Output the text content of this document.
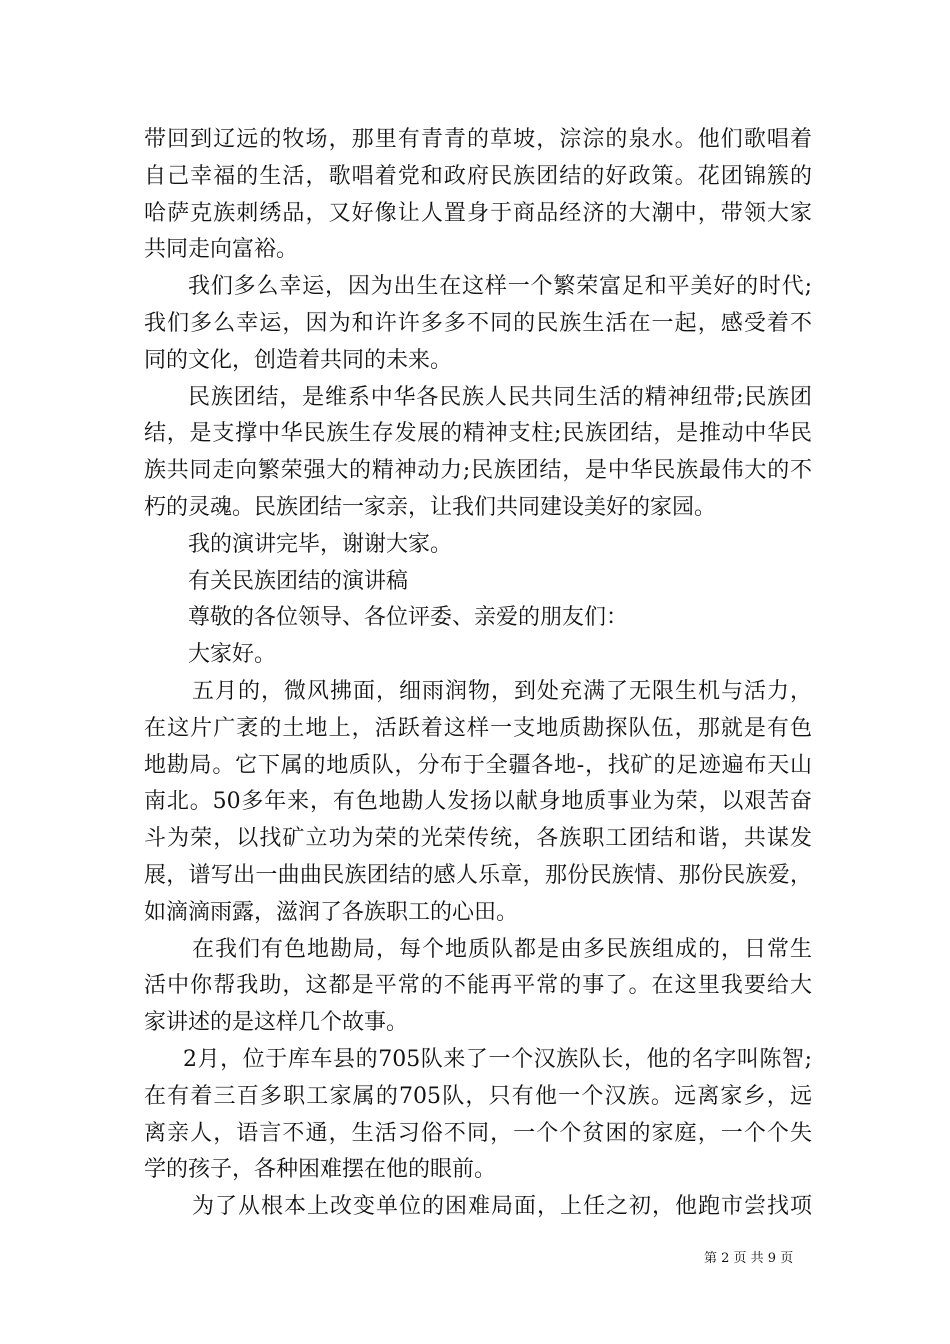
带回到辽远的牧场，那里有青青的草坡，淙淙的泉水。他们歌唱着
自己幸福的生活，歌唱着党和政府民族团结的好政策。花团锦簇的
哈萨克族刺绣品，又好像让人置身于商品经济的大潮中，带领大家
共同走向富裕。
我们多么幸运，因为出生在这样一个繁荣富足和平美好的时代;
我们多么幸运，因为和许许多多不同的民族生活在一起，感受着不
同的文化，创造着共同的未来。
民族团结，是维系中华各民族人民共同生活的精神纽带;民族团
结，是支撑中华民族生存发展的精神支柱;民族团结，是推动中华民
族共同走向繁荣强大的精神动力;民族团结，是中华民族最伟大的不
朽的灵魂。民族团结一家亲，让我们共同建设美好的家园。
我的演讲完毕，谢谢大家。
有关民族团结的演讲稿
尊敬的各位领导、各位评委、亲爱的朋友们：
大家好。
五月的，微风拂面，细雨润物，到处充满了无限生机与活力，
在这片广袤的土地上，活跃着这样一支地质勘探队伍，那就是有色
地勘局。它下属的地质队，分布于全疆各地-，找矿的足迹遍布天山
南北。50多年来，有色地勘人发扬以献身地质事业为荣，以艰苦奋
斗为荣，以找矿立功为荣的光荣传统，各族职工团结和谐，共谋发
展，谱写出一曲曲民族团结的感人乐章，那份民族情、那份民族爱，
如滴滴雨露，滋润了各族职工的心田。
在我们有色地勘局，每个地质队都是由多民族组成的，日常生
活中你帮我助，这都是平常的不能再平常的事了。在这里我要给大
家讲述的是这样几个故事。
2月，位于库车县的705队来了一个汉族队长，他的名字叫陈智;
在有着三百多职工家属的705队，只有他一个汉族。远离家乡，远
离亲人，语言不通，生活习俗不同，一个个贫困的家庭，一个个失
学的孩子，各种困难摆在他的眼前。
为了从根本上改变单位的困难局面，上任之初，他跑市尝找项
第 2 页 共 9 页
